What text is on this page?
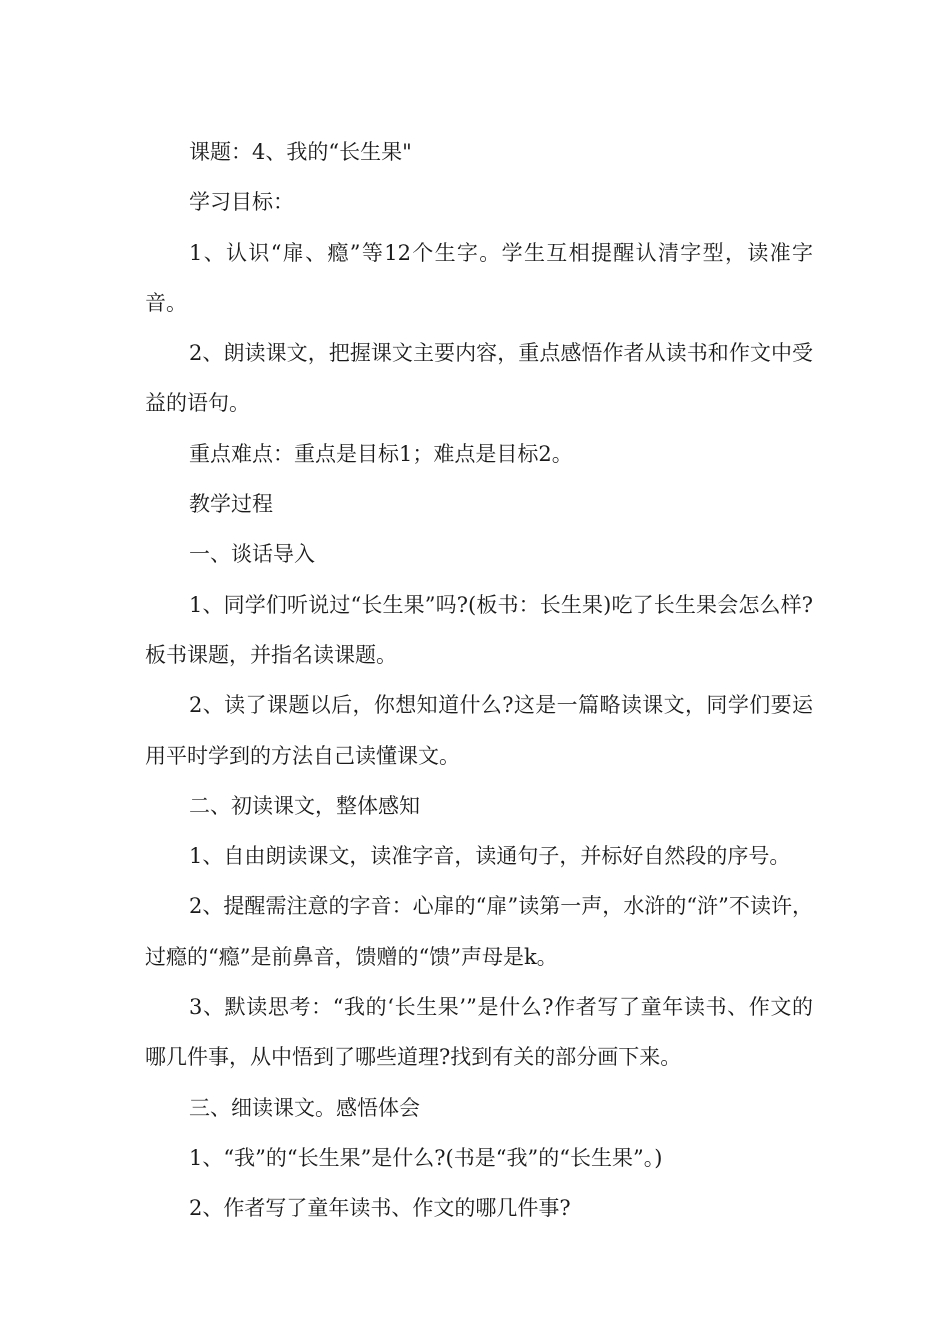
课题：4、我的“长生果"

学习目标：

1、认识“扉、瘾”等12个生字。学生互相提醒认清字型，读准字音。

2、朗读课文，把握课文主要内容，重点感悟作者从读书和作文中受益的语句。

重点难点：重点是目标1；难点是目标2。

教学过程

一、谈话导入

1、同学们听说过“长生果”吗?(板书：长生果)吃了长生果会怎么样?板书课题，并指名读课题。

2、读了课题以后，你想知道什么?这是一篇略读课文，同学们要运用平时学到的方法自己读懂课文。

二、初读课文，整体感知

1、自由朗读课文，读准字音，读通句子，并标好自然段的序号。

2、提醒需注意的字音：心扉的“扉”读第一声，水浒的“浒”不读许，过瘾的“瘾”是前鼻音，馈赠的“馈”声母是k。

3、默读思考：“我的‘长生果’”是什么?作者写了童年读书、作文的哪几件事，从中悟到了哪些道理?找到有关的部分画下来。

三、细读课文。感悟体会

1、“我”的“长生果”是什么?(书是“我”的“长生果”。)

2、作者写了童年读书、作文的哪几件事?
